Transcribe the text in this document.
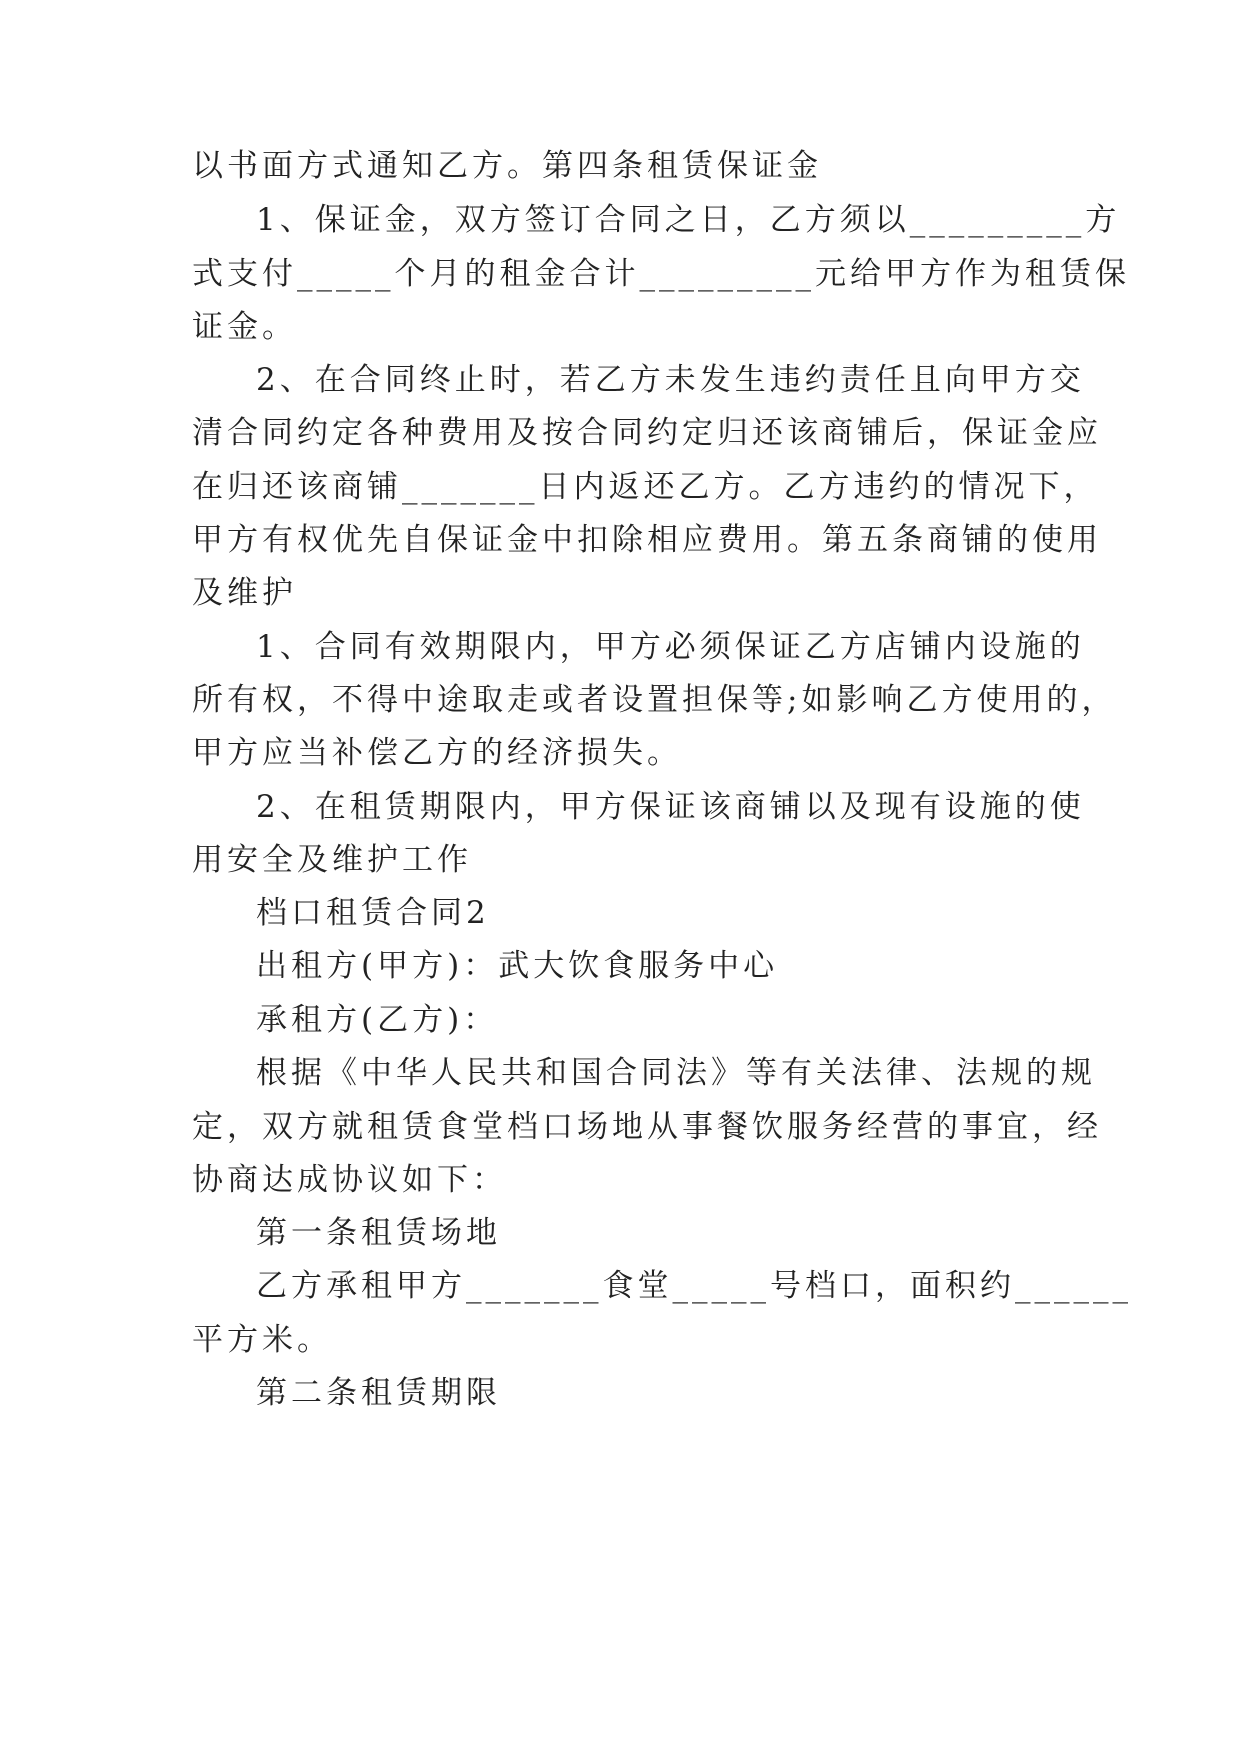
以书面方式通知乙方。第四条租赁保证金
1、保证金，双方签订合同之日，乙方须以_________方
式支付_____个月的租金合计_________元给甲方作为租赁保
证金。
2、在合同终止时，若乙方未发生违约责任且向甲方交
清合同约定各种费用及按合同约定归还该商铺后，保证金应
在归还该商铺_______日内返还乙方。乙方违约的情况下，
甲方有权优先自保证金中扣除相应费用。第五条商铺的使用
及维护
1、合同有效期限内，甲方必须保证乙方店铺内设施的
所有权，不得中途取走或者设置担保等;如影响乙方使用的，
甲方应当补偿乙方的经济损失。
2、在租赁期限内，甲方保证该商铺以及现有设施的使
用安全及维护工作
档口租赁合同2
出租方(甲方)：武大饮食服务中心
承租方(乙方)：
根据《中华人民共和国合同法》等有关法律、法规的规
定，双方就租赁食堂档口场地从事餐饮服务经营的事宜，经
协商达成协议如下：
第一条租赁场地
乙方承租甲方_______食堂_____号档口，面积约______
平方米。
第二条租赁期限
